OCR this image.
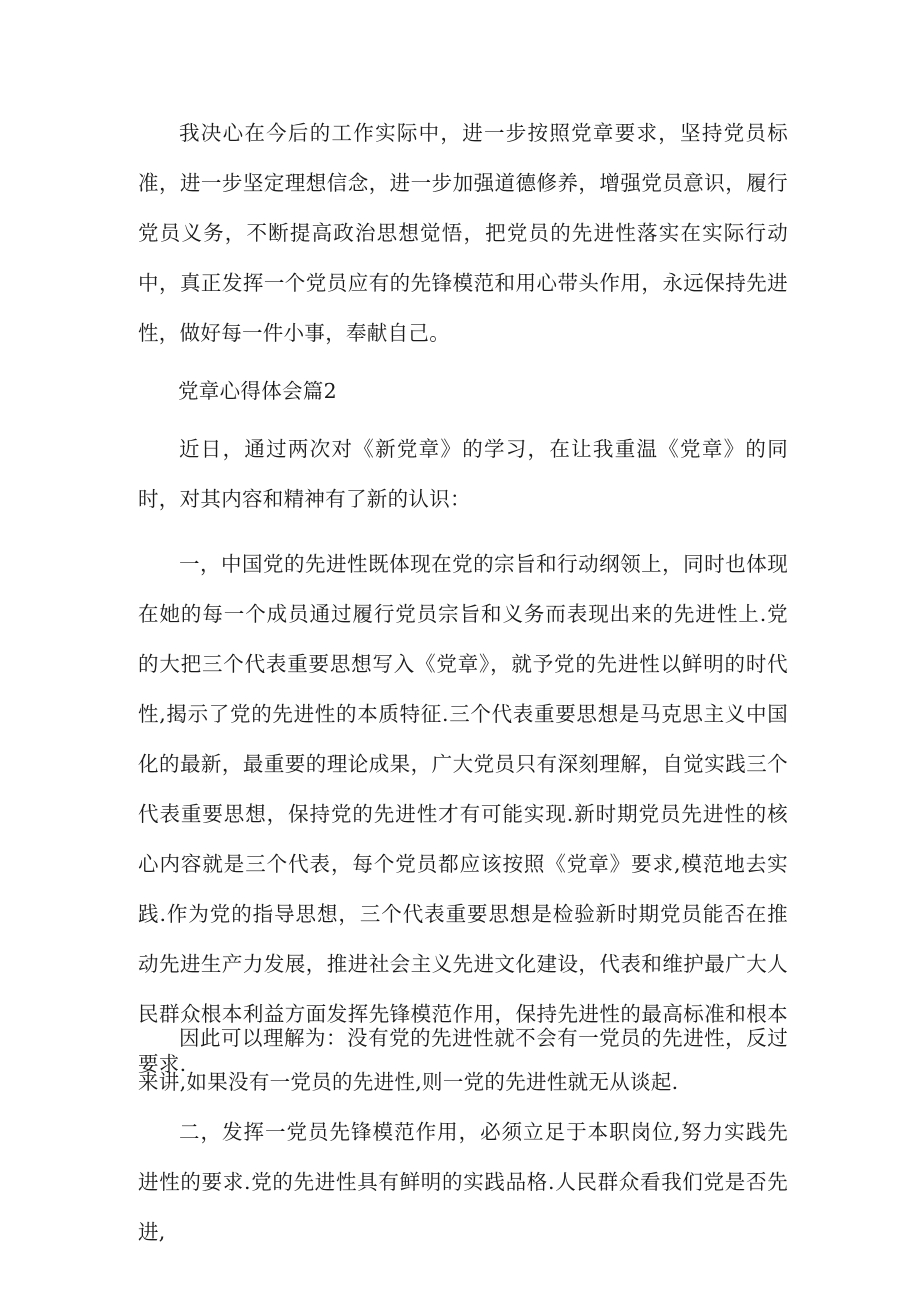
我决心在今后的工作实际中，进一步按照党章要求，坚持党员标准，进一步坚定理想信念，进一步加强道德修养，增强党员意识，履行党员义务，不断提高政治思想觉悟，把党员的先进性落实在实际行动中，真正发挥一个党员应有的先锋模范和用心带头作用，永远保持先进性，做好每一件小事，奉献自己。

党章心得体会篇2

近日，通过两次对《新党章》的学习，在让我重温《党章》的同时，对其内容和精神有了新的认识：

一，中国党的先进性既体现在党的宗旨和行动纲领上，同时也体现在她的每一个成员通过履行党员宗旨和义务而表现出来的先进性上.党的大把三个代表重要思想写入《党章》，就予党的先进性以鲜明的时代性,揭示了党的先进性的本质特征.三个代表重要思想是马克思主义中国化的最新，最重要的理论成果，广大党员只有深刻理解，自觉实践三个代表重要思想，保持党的先进性才有可能实现.新时期党员先进性的核心内容就是三个代表，每个党员都应该按照《党章》要求,模范地去实践.作为党的指导思想，三个代表重要思想是检验新时期党员能否在推动先进生产力发展，推进社会主义先进文化建设，代表和维护最广大人民群众根本利益方面发挥先锋模范作用，保持先进性的最高标准和根本要求.

因此可以理解为：没有党的先进性就不会有一党员的先进性，反过来讲,如果没有一党员的先进性,则一党的先进性就无从谈起.

二，发挥一党员先锋模范作用，必须立足于本职岗位,努力实践先进性的要求.党的先进性具有鲜明的实践品格.人民群众看我们党是否先进,
